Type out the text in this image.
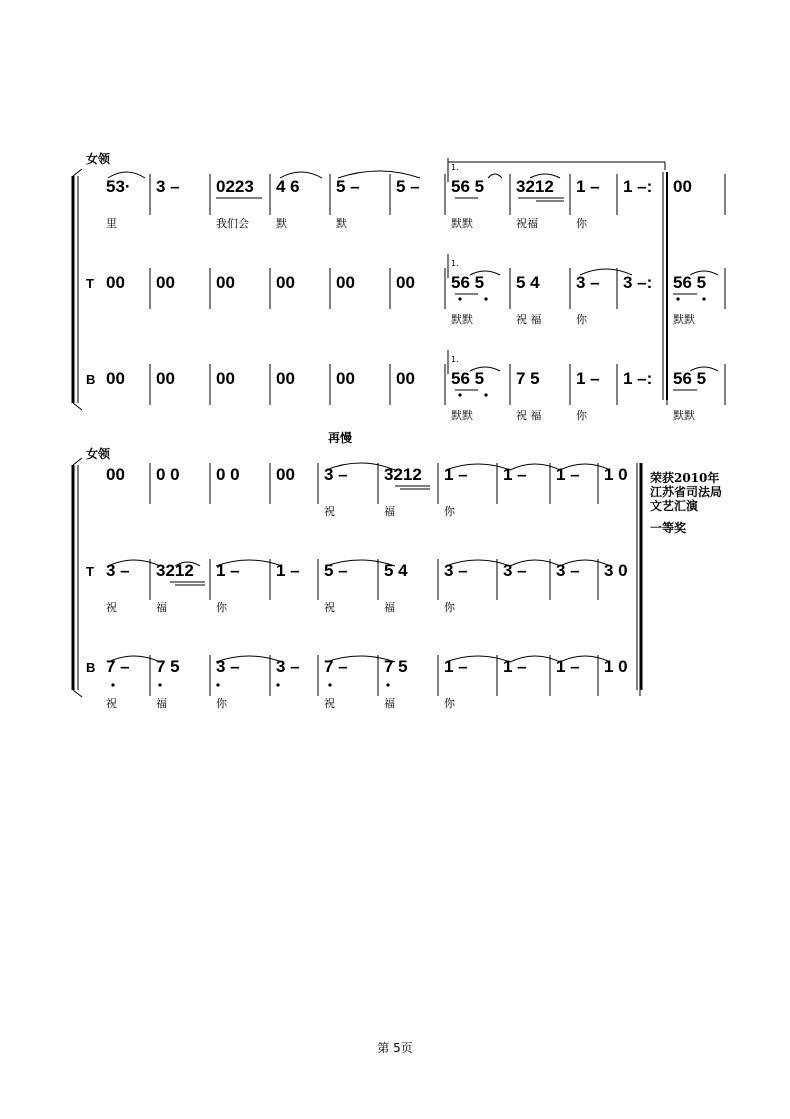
女领
53·
里
3 – 0223
我们会
4 6
默
5 –
默
5 – 56 5
默默
3212
祝福
1 –
你
1 –: 00
T 00 00 00 00 00 00 56 5
默默
5 4
祝 福
3 –
你
3 –: 56 5
默默
B 00 00 00 00 00 00 56 5
默默
7 5
祝 福
1 –
你
1 –: 56 5
默默
1.
1.
1.
女领
再慢
00 0 0 0 0 00 3 –
祝
3212
福
1 –
你
1 – 1 – 1 0
T 3 –
祝
3212
福
1 –
你
1 – 5 –
祝
5 4
福
3 –
你
3 – 3 – 3 0
B 7 –
祝
7 5
福
3 –
你
3 – 7 –
祝
7 5
福
1 –
你
1 – 1 – 1 0
荣获2010年
江苏省司法局
文艺汇演
一等奖
第 5页
